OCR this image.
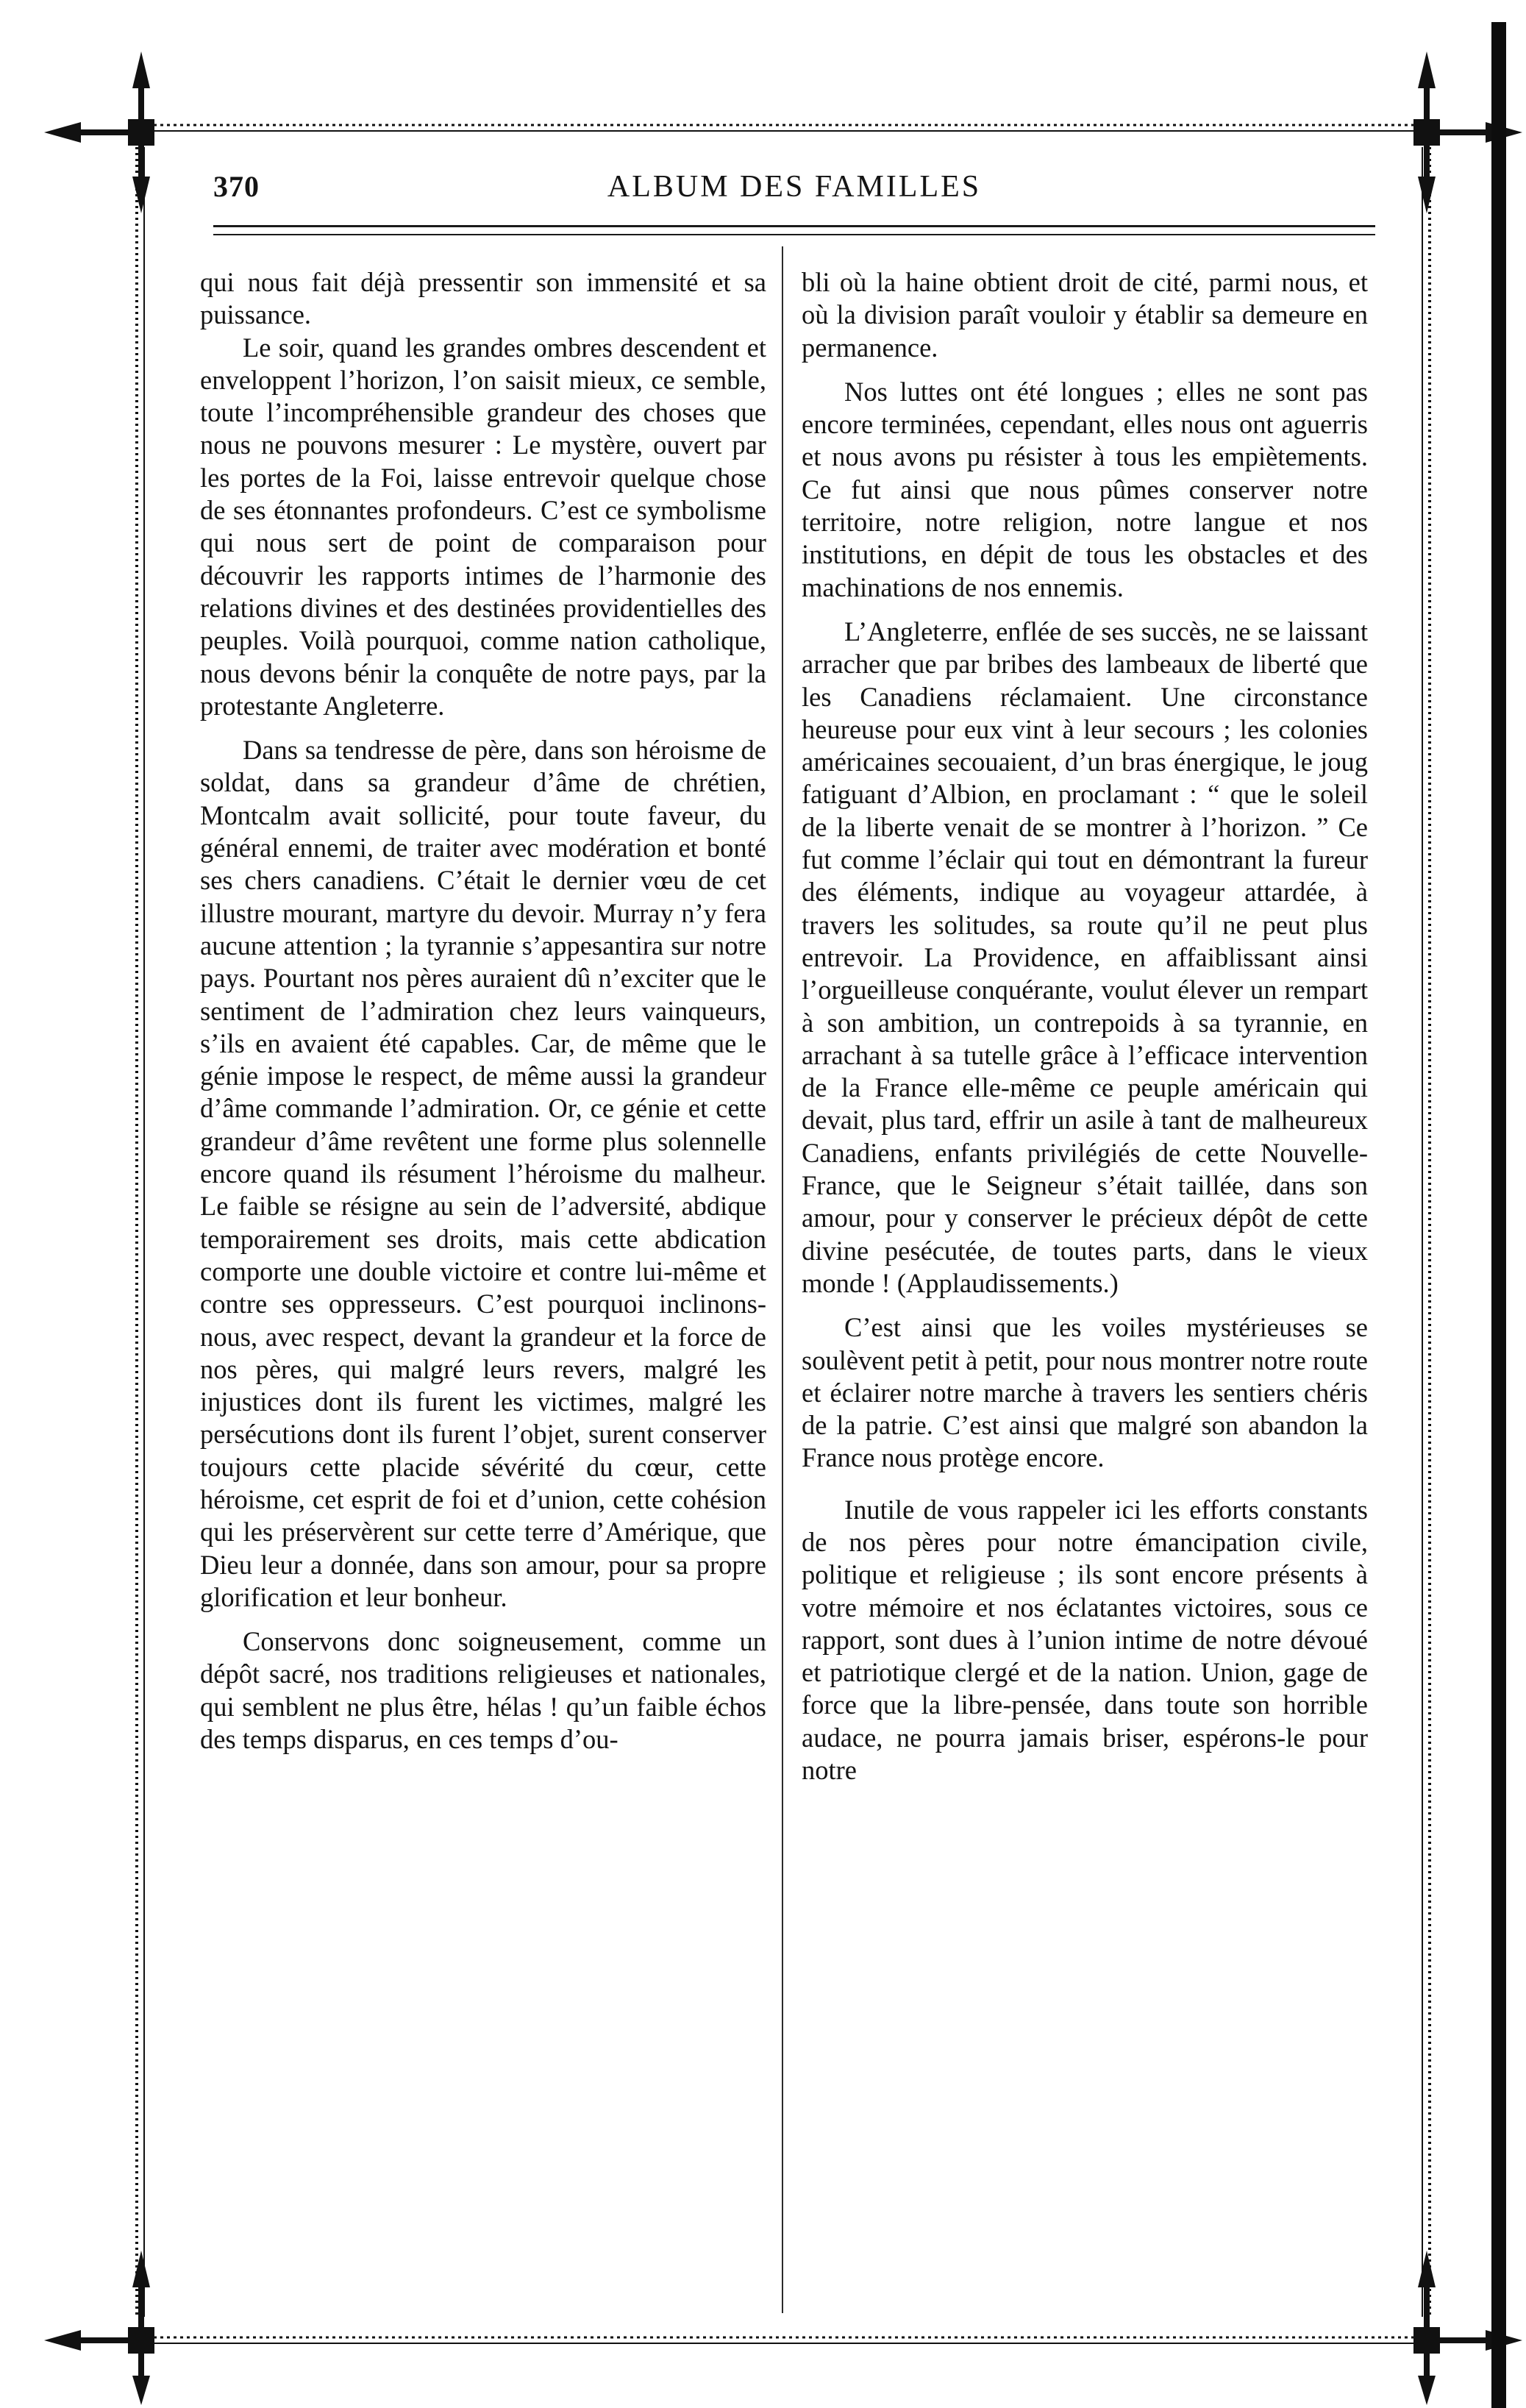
370	ALBUM DES FAMILLES

qui nous fait déjà pressentir son immensité et sa puissance.

Le soir, quand les grandes ombres descendent et enveloppent l’horizon, l’on saisit mieux, ce semble, toute l’incompréhensible grandeur des choses que nous ne pouvons mesurer : Le mystère, ouvert par les portes de la Foi, laisse entrevoir quelque chose de ses étonnantes profondeurs. C’est ce symbolisme qui nous sert de point de comparaison pour découvrir les rapports intimes de l’harmonie des relations divines et des destinées providentielles des peuples. Voilà pourquoi, comme nation catholique, nous devons bénir la conquête de notre pays, par la protestante Angleterre.

Dans sa tendresse de père, dans son héroisme de soldat, dans sa grandeur d’âme de chrétien, Montcalm avait sollicité, pour toute faveur, du général ennemi, de traiter avec modération et bonté ses chers canadiens. C’était le dernier vœu de cet illustre mourant, martyre du devoir. Murray n’y fera aucune attention ; la tyrannie s’appesantira sur notre pays. Pourtant nos pères auraient dû n’exciter que le sentiment de l’admiration chez leurs vainqueurs, s’ils en avaient été capables. Car, de même que le génie impose le respect, de même aussi la grandeur d’âme commande l’admiration. Or, ce génie et cette grandeur d’âme revêtent une forme plus solennelle encore quand ils résument l’héroisme du malheur. Le faible se résigne au sein de l’adversité, abdique temporairement ses droits, mais cette abdication comporte une double victoire et contre lui-même et contre ses oppresseurs. C’est pourquoi inclinons-nous, avec respect, devant la grandeur et la force de nos pères, qui malgré leurs revers, malgré les injustices dont ils furent les victimes, malgré les persécutions dont ils furent l’objet, surent conserver toujours cette placide sévérité du cœur, cette héroisme, cet esprit de foi et d’union, cette cohésion qui les préservèrent sur cette terre d’Amérique, que Dieu leur a donnée, dans son amour, pour sa propre glorification et leur bonheur.

Conservons donc soigneusement, comme un dépôt sacré, nos traditions religieuses et nationales, qui semblent ne plus être, hélas ! qu’un faible échos des temps disparus, en ces temps d’ou-

bli où la haine obtient droit de cité, parmi nous, et où la division paraît vouloir y établir sa demeure en permanence.

Nos luttes ont été longues ; elles ne sont pas encore terminées, cependant, elles nous ont aguerris et nous avons pu résister à tous les empiètements. Ce fut ainsi que nous pûmes conserver notre territoire, notre religion, notre langue et nos institutions, en dépit de tous les obstacles et des machinations de nos ennemis.

L’Angleterre, enflée de ses succès, ne se laissant arracher que par bribes des lambeaux de liberté que les Canadiens réclamaient. Une circonstance heureuse pour eux vint à leur secours ; les colonies américaines secouaient, d’un bras énergique, le joug fatiguant d’Albion, en proclamant : “ que le soleil de la liberte venait de se montrer à l’horizon. ” Ce fut comme l’éclair qui tout en démontrant la fureur des éléments, indique au voyageur attardée, à travers les solitudes, sa route qu’il ne peut plus entrevoir. La Providence, en affaiblissant ainsi l’orgueilleuse conquérante, voulut élever un rempart à son ambition, un contrepoids à sa tyrannie, en arrachant à sa tutelle grâce à l’efficace intervention de la France elle-même ce peuple américain qui devait, plus tard, effrir un asile à tant de malheureux Canadiens, enfants privilégiés de cette Nouvelle-France, que le Seigneur s’était taillée, dans son amour, pour y conserver le précieux dépôt de cette divine pesécutée, de toutes parts, dans le vieux monde ! (Applaudissements.)

C’est ainsi que les voiles mystérieuses se soulèvent petit à petit, pour nous montrer notre route et éclairer notre marche à travers les sentiers chéris de la patrie. C’est ainsi que malgré son abandon la France nous protège encore.

Inutile de vous rappeler ici les efforts constants de nos pères pour notre émancipation civile, politique et religieuse ; ils sont encore présents à votre mémoire et nos éclatantes victoires, sous ce rapport, sont dues à l’union intime de notre dévoué et patriotique clergé et de la nation. Union, gage de force que la libre-pensée, dans toute son horrible audace, ne pourra jamais briser, espérons-le pour notre
